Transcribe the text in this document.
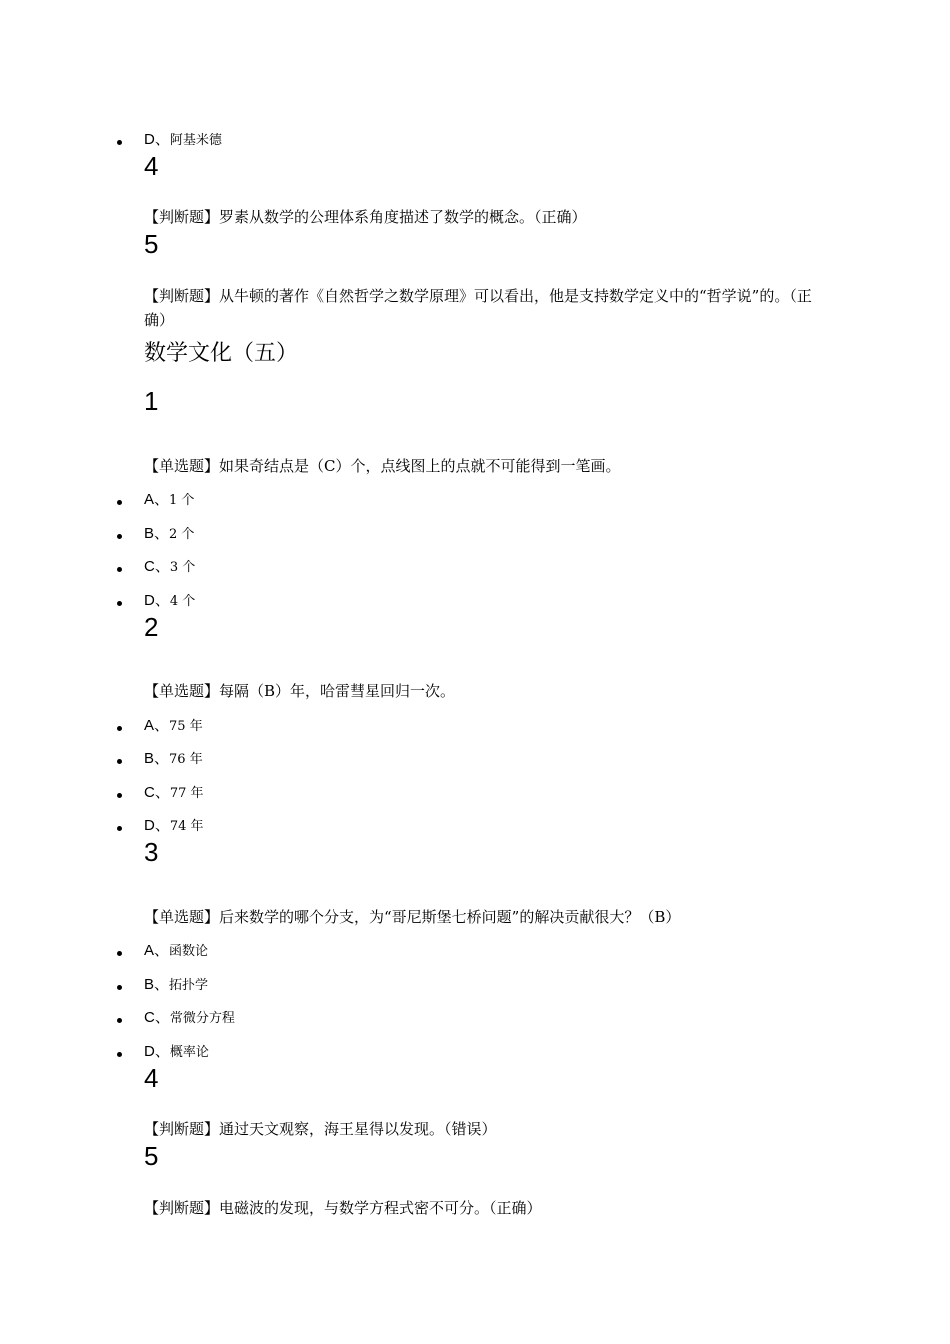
D、阿基米德
4
【判断题】罗素从数学的公理体系角度描述了数学的概念。（正确）
5
【判断题】从牛顿的著作《自然哲学之数学原理》可以看出，他是支持数学定义中的“哲学说”的。（正确）
数学文化（五）
1
【单选题】如果奇结点是（C）个，点线图上的点就不可能得到一笔画。
A、1 个
B、2 个
C、3 个
D、4 个
2
【单选题】每隔（B）年，哈雷彗星回归一次。
A、75 年
B、76 年
C、77 年
D、74 年
3
【单选题】后来数学的哪个分支，为“哥尼斯堡七桥问题”的解决贡献很大？（B）
A、函数论
B、拓扑学
C、常微分方程
D、概率论
4
【判断题】通过天文观察，海王星得以发现。（错误）
5
【判断题】电磁波的发现，与数学方程式密不可分。（正确）
